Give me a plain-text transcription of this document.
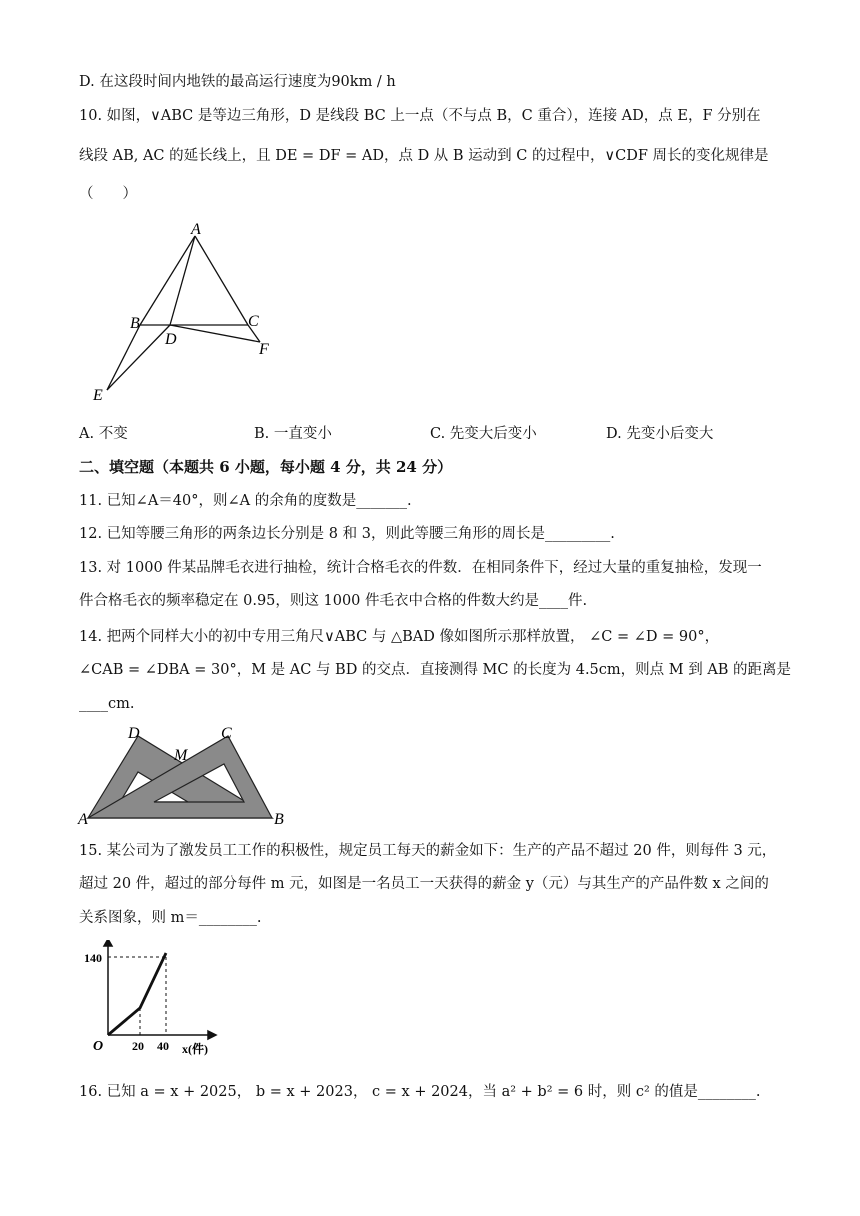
D. 在这段时间内地铁的最高运行速度为90km / h
10. 如图，∨ABC 是等边三角形，D 是线段 BC 上一点（不与点 B，C 重合），连接 AD，点 E，F 分别在
线段 AB, AC 的延长线上，且 DE = DF = AD，点 D 从 B 运动到 C 的过程中，∨CDF 周长的变化规律是
（　　）
A
B	C
D
E
F
A. 不变	B. 一直变小	C. 先变大后变小	D. 先变小后变大
二、填空题（本题共 6 小题，每小题 4 分，共 24 分）
11. 已知∠A＝40°，则∠A 的余角的度数是_______.
12. 已知等腰三角形的两条边长分别是 8 和 3，则此等腰三角形的周长是_________.
13. 对 1000 件某品牌毛衣进行抽检，统计合格毛衣的件数．在相同条件下，经过大量的重复抽检，发现一
件合格毛衣的频率稳定在 0.95，则这 1000 件毛衣中合格的件数大约是____件.
14. 把两个同样大小的初中专用三角尺∨ABC 与 △BAD 像如图所示那样放置， ∠C = ∠D = 90°，
∠CAB = ∠DBA = 30°，M 是 AC 与 BD 的交点．直接测得 MC 的长度为 4.5cm，则点 M 到 AB 的距离是
____cm.
D	C
M
A	B
15. 某公司为了激发员工工作的积极性，规定员工每天的薪金如下：生产的产品不超过 20 件，则每件 3 元，
超过 20 件，超过的部分每件 m 元，如图是一名员工一天获得的薪金 y（元）与其生产的产品件数 x 之间的
关系图象，则 m＝________.
140
O 20 40 x(件)
16. 已知 a = x + 2025， b = x + 2023， c = x + 2024，当 a² + b² = 6 时，则 c² 的值是________.
